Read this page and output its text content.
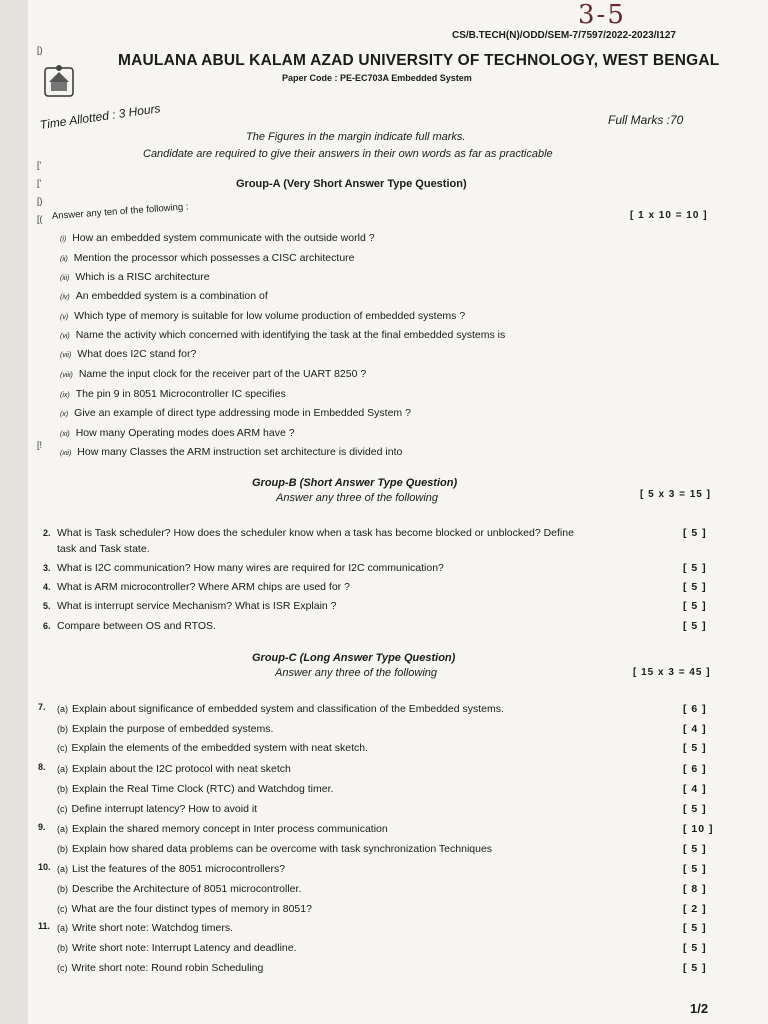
3-5
CS/B.TECH(N)/ODD/SEM-7/7597/2022-2023/I127
MAULANA ABUL KALAM AZAD UNIVERSITY OF TECHNOLOGY, WEST BENGAL
Paper Code : PE-EC703A Embedded System
Time Allotted : 3 Hours	Full Marks :70
The Figures in the margin indicate full marks.
Candidate are required to give their answers in their own words as far as practicable
Group-A (Very Short Answer Type Question)
Answer any ten of the following :	[ 1 x 10 = 10 ]
(i) How an embedded system communicate with the outside world ?
(ii) Mention the processor which possesses a CISC architecture
(iii) Which is a RISC architecture
(iv) An embedded system is a combination of
(v) Which type of memory is suitable for low volume production of embedded systems ?
(vi) Name the activity which concerned with identifying the task at the final embedded systems is
(vii) What does I2C stand for?
(viii) Name the input clock for the receiver part of the UART 8250 ?
(ix) The pin 9 in 8051 Microcontroller IC specifies
(x) Give an example of direct type addressing mode in Embedded System ?
(xi) How many Operating modes does ARM have ?
(xii) How many Classes the ARM instruction set architecture is divided into
Group-B (Short Answer Type Question)
Answer any three of the following	[ 5 x 3 = 15 ]
2. What is Task scheduler? How does the scheduler know when a task has become blocked or unblocked? Define
task and Task state.
[ 5 ]
3. What is I2C communication? How many wires are required for I2C communication?	[ 5 ]
4. What is ARM microcontroller? Where ARM chips are used for ?	[ 5 ]
5. What is interrupt service Mechanism? What is ISR Explain ?	[ 5 ]
6. Compare between OS and RTOS.	[ 5 ]
Group-C (Long Answer Type Question)
Answer any three of the following	[ 15 x 3 = 45 ]
7. (a) Explain about significance of embedded system and classification of the Embedded systems.	[ 6 ]
(b) Explain the purpose of embedded systems.	[ 4 ]
(c) Explain the elements of the embedded system with neat sketch.	[ 5 ]
8. (a) Explain about the I2C protocol with neat sketch	[ 6 ]
(b) Explain the Real Time Clock (RTC) and Watchdog timer.	[ 4 ]
(c) Define interrupt latency? How to avoid it	[ 5 ]
9. (a) Explain the shared memory concept in Inter process communication	[ 10 ]
(b) Explain how shared data problems can be overcome with task synchronization Techniques	[ 5 ]
10. (a) List the features of the 8051 microcontrollers?	[ 5 ]
(b) Describe the Architecture of 8051 microcontroller.	[ 8 ]
(c) What are the four distinct types of memory in 8051?	[ 2 ]
11. (a) Write short note: Watchdog timers.	[ 5 ]
(b) Write short note: Interrupt Latency and deadline.	[ 5 ]
(c) Write short note: Round robin Scheduling	[ 5 ]
[)
[‘
[‘
[)
[(
[!
1/2
